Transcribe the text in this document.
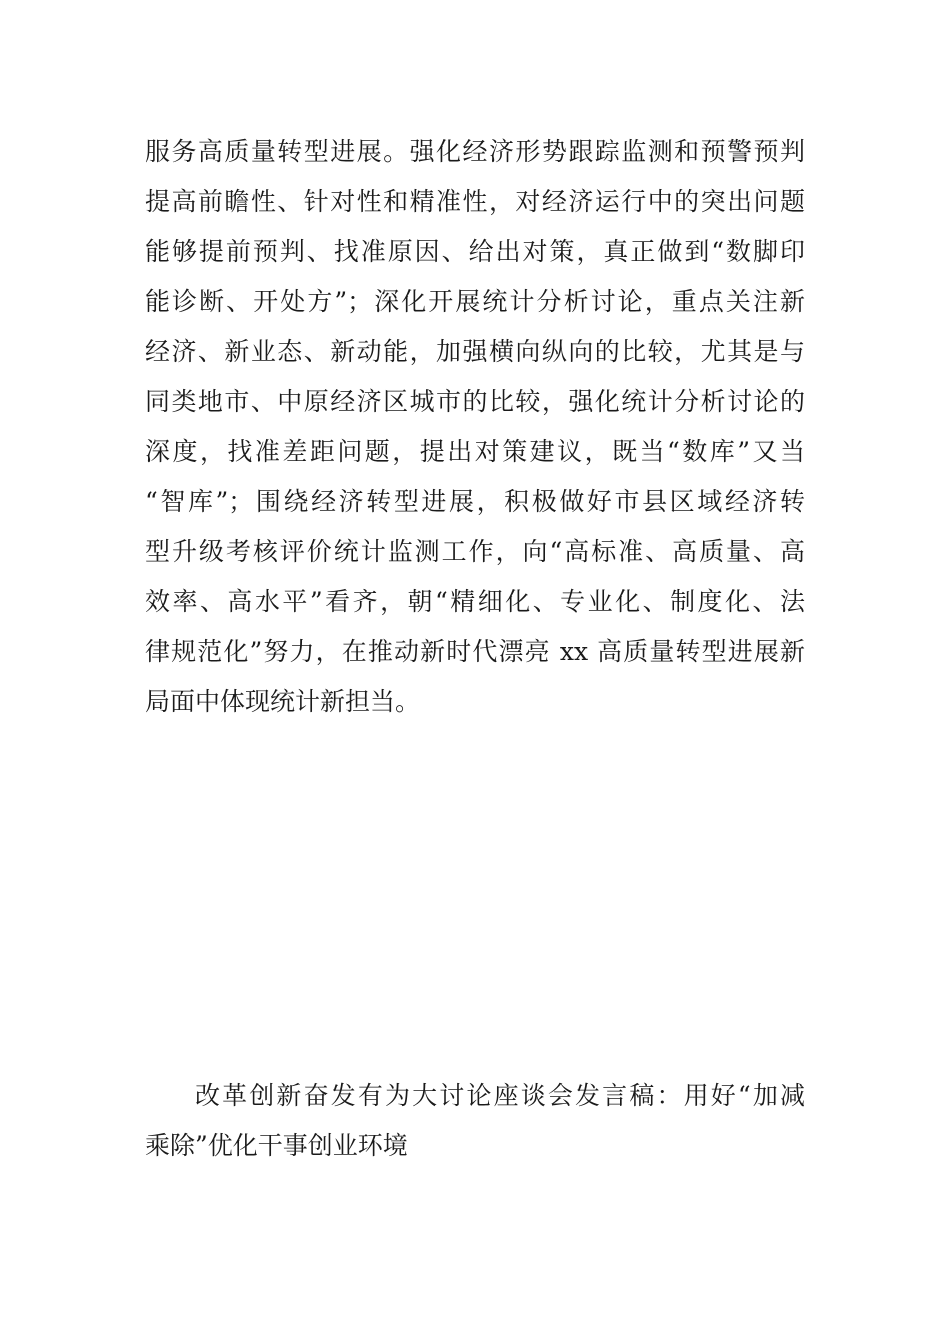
服务高质量转型进展。强化经济形势跟踪监测和预警预判
提高前瞻性、针对性和精准性，对经济运行中的突出问题
能够提前预判、找准原因、给出对策，真正做到“数脚印
能诊断、开处方”；深化开展统计分析讨论，重点关注新
经济、新业态、新动能，加强横向纵向的比较，尤其是与
同类地市、中原经济区城市的比较，强化统计分析讨论的
深度，找准差距问题，提出对策建议，既当“数库”又当
“智库”；围绕经济转型进展，积极做好市县区域经济转
型升级考核评价统计监测工作，向“高标准、高质量、高
效率、高水平”看齐，朝“精细化、专业化、制度化、法
律规范化”努力，在推动新时代漂亮 xx 高质量转型进展新
局面中体现统计新担当。
改革创新奋发有为大讨论座谈会发言稿：用好“加减
乘除”优化干事创业环境
